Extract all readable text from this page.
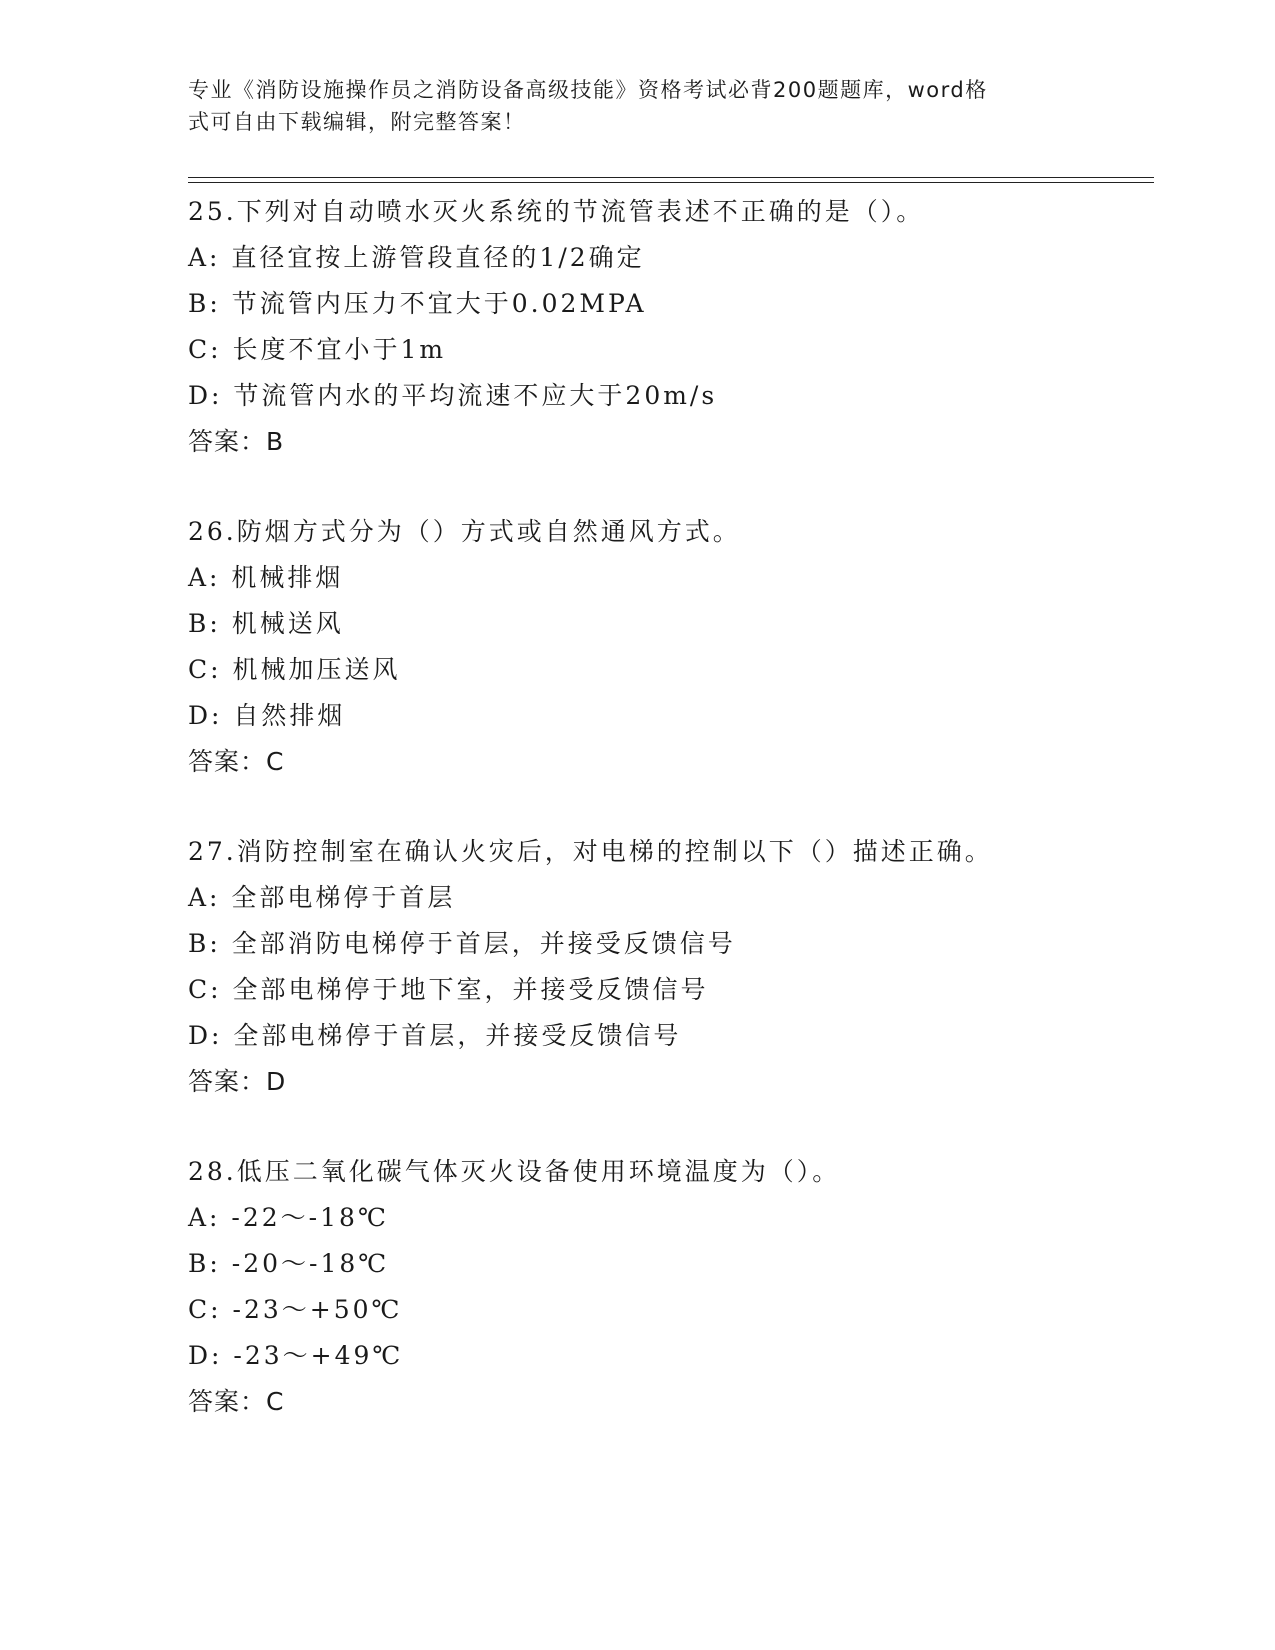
专业《消防设施操作员之消防设备高级技能》资格考试必背200题题库，word格
式可自由下载编辑，附完整答案！
25.下列对自动喷水灭火系统的节流管表述不正确的是（）。
A: 直径宜按上游管段直径的1/2确定
B: 节流管内压力不宜大于0.02MPA
C: 长度不宜小于1m
D: 节流管内水的平均流速不应大于20m/s
答案：B
26.防烟方式分为（）方式或自然通风方式。
A: 机械排烟
B: 机械送风
C: 机械加压送风
D: 自然排烟
答案：C
27.消防控制室在确认火灾后，对电梯的控制以下（）描述正确。
A: 全部电梯停于首层
B: 全部消防电梯停于首层，并接受反馈信号
C: 全部电梯停于地下室，并接受反馈信号
D: 全部电梯停于首层，并接受反馈信号
答案：D
28.低压二氧化碳气体灭火设备使用环境温度为（）。
A: -22～-18℃
B: -20～-18℃
C: -23～+50℃
D: -23～+49℃
答案：C
